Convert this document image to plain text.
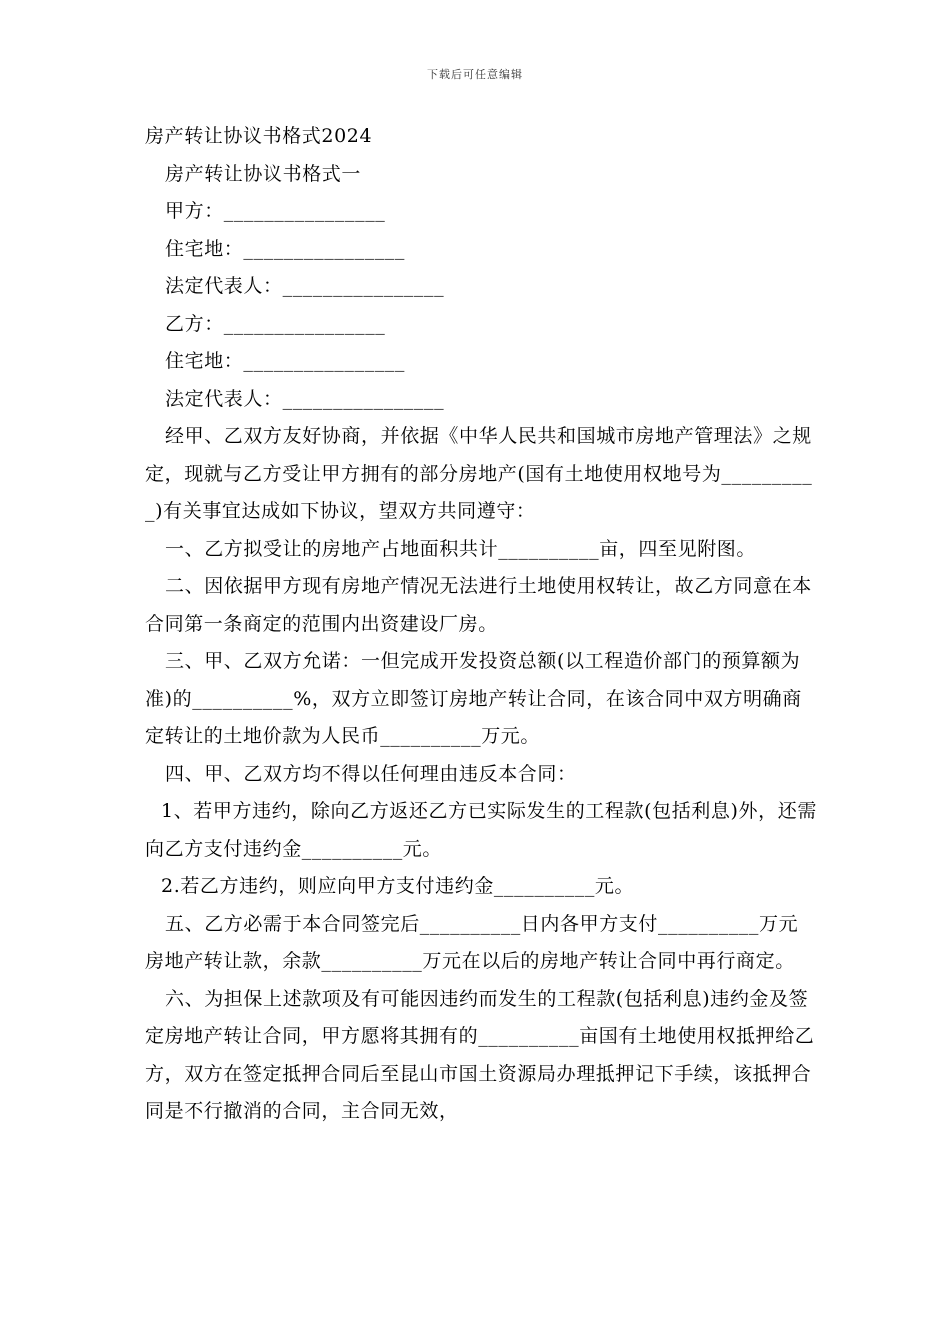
下载后可任意编辑

房产转让协议书格式2024

房产转让协议书格式一

甲方：________________

住宅地：________________

法定代表人：________________

乙方：________________

住宅地：________________

法定代表人：________________

经甲、乙双方友好协商，并依据《中华人民共和国城市房地产管理法》之规定，现就与乙方受让甲方拥有的部分房地产(国有土地使用权地号为__________)有关事宜达成如下协议，望双方共同遵守：

一、乙方拟受让的房地产占地面积共计__________亩，四至见附图。

二、因依据甲方现有房地产情况无法进行土地使用权转让，故乙方同意在本合同第一条商定的范围内出资建设厂房。

三、甲、乙双方允诺：一但完成开发投资总额(以工程造价部门的预算额为准)的__________%，双方立即签订房地产转让合同，在该合同中双方明确商定转让的土地价款为人民币__________万元。

四、甲、乙双方均不得以任何理由违反本合同：

1、若甲方违约，除向乙方返还乙方已实际发生的工程款(包括利息)外，还需向乙方支付违约金__________元。

2.若乙方违约，则应向甲方支付违约金__________元。

五、乙方必需于本合同签完后__________日内各甲方支付__________万元房地产转让款，余款__________万元在以后的房地产转让合同中再行商定。

六、为担保上述款项及有可能因违约而发生的工程款(包括利息)违约金及签定房地产转让合同，甲方愿将其拥有的__________亩国有土地使用权抵押给乙方，双方在签定抵押合同后至昆山市国土资源局办理抵押记下手续，该抵押合同是不行撤消的合同，主合同无效，
